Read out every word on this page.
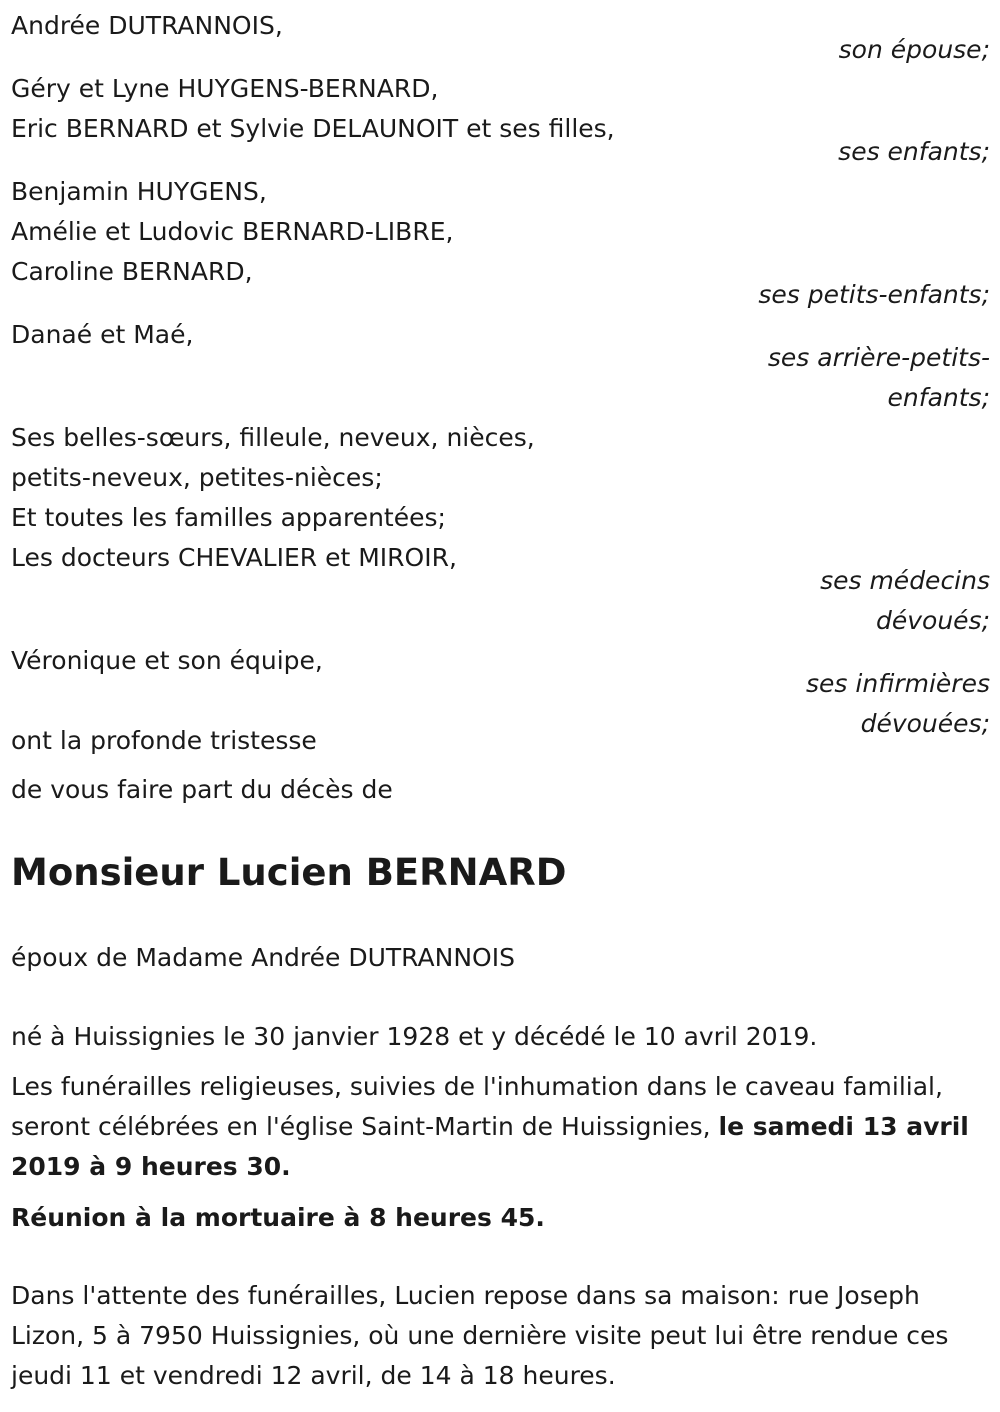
Andrée DUTRANNOIS,
son épouse;
Géry et Lyne HUYGENS-BERNARD,
Eric BERNARD et Sylvie DELAUNOIT et ses filles,
ses enfants;
Benjamin HUYGENS,
Amélie et Ludovic BERNARD-LIBRE,
Caroline BERNARD,
ses petits-enfants;
Danaé et Maé,
ses arrière-petits-
enfants;
Ses belles-sœurs, filleule, neveux, nièces,
petits-neveux, petites-nièces;
Et toutes les familles apparentées;
Les docteurs CHEVALIER et MIROIR,
ses médecins
dévoués;
Véronique et son équipe,
ses infirmières
dévouées;
ont la profonde tristesse
de vous faire part du décès de
Monsieur Lucien BERNARD
époux de Madame Andrée DUTRANNOIS
né à Huissignies le 30 janvier 1928 et y décédé le 10 avril 2019.
Les funérailles religieuses, suivies de l'inhumation dans le caveau familial, seront célébrées en l'église Saint-Martin de Huissignies, le samedi 13 avril 2019 à 9 heures 30.
Réunion à la mortuaire à 8 heures 45.
Dans l'attente des funérailles, Lucien repose dans sa maison: rue Joseph Lizon, 5 à 7950 Huissignies, où une dernière visite peut lui être rendue ces jeudi 11 et vendredi 12 avril, de 14 à 18 heures.
